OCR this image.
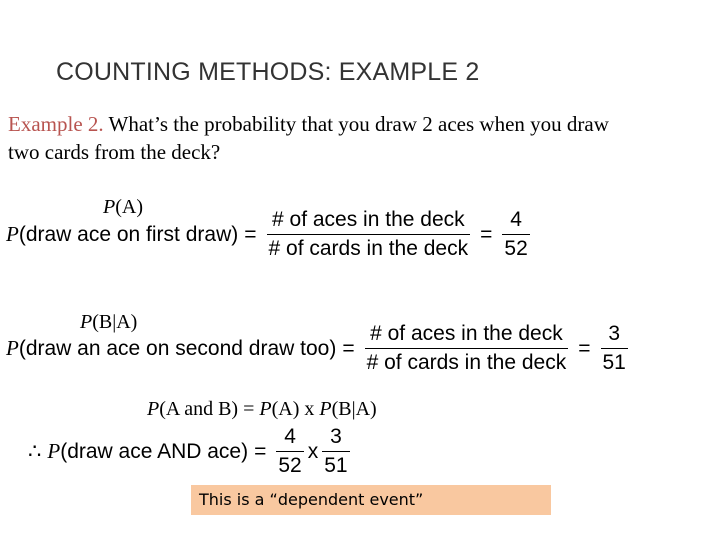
COUNTING METHODS: EXAMPLE 2
Example 2. What’s the probability that you draw 2 aces when you draw
two cards from the deck?
P(A)
P (draw ace on first draw) = $\frac{\text{\# of aces in the deck}}{\text{\# of cards in the deck}} = \frac{4}{52}$
P(B|A)
P (draw an ace on second draw $too) = \frac{\text{\# of aces in the deck}}{\text{\# of cards in the deck}} = \frac{3}{51}$
P(A and B) = P(A) x P(B|A)
∴ P (draw ace AND $ace) = \frac{4}{52}$ x $\frac{3}{51}$
This is a “dependent event”
